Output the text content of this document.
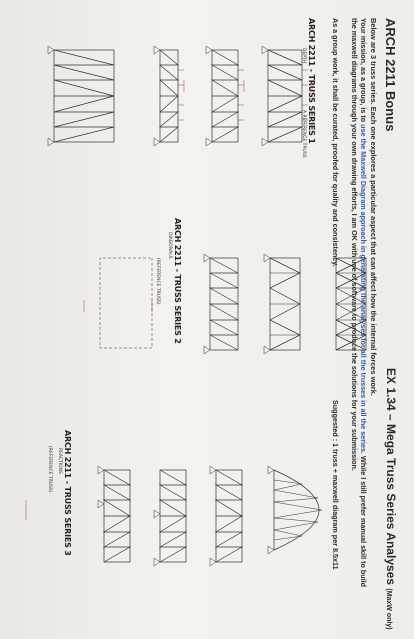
ARCH 2211 Bonus
EX 1.34 – Mega Truss Series Analyses (MaxW only)
Below are 3 truss series. Each one explores a particular aspect that can affect how the internal forces work.
Your mission, as a group, is to use the Maxwell Diagram approach in generating the analyses for all the trusses in all the series. While I still prefer manual skill to build the maxwell diagrams through your own drawing efforts, I am OK with use of software to produce the solutions for your submission.
As a group work, it shall be curated, proofed for quality and consistency.
Suggested : 1 truss + maxwell diagram per 8.5x11
ARCH 2211 - TRUSS SERIES 1
DEPTH
A REFERENCE TRUSS
ARCH 2211 - TRUSS SERIES 2
DIAGONALS
(REFERENCE TRUSS)
ARCH 2211 - TRUSS SERIES 3
REACTIONS
(REFERENCE TRUSS)
